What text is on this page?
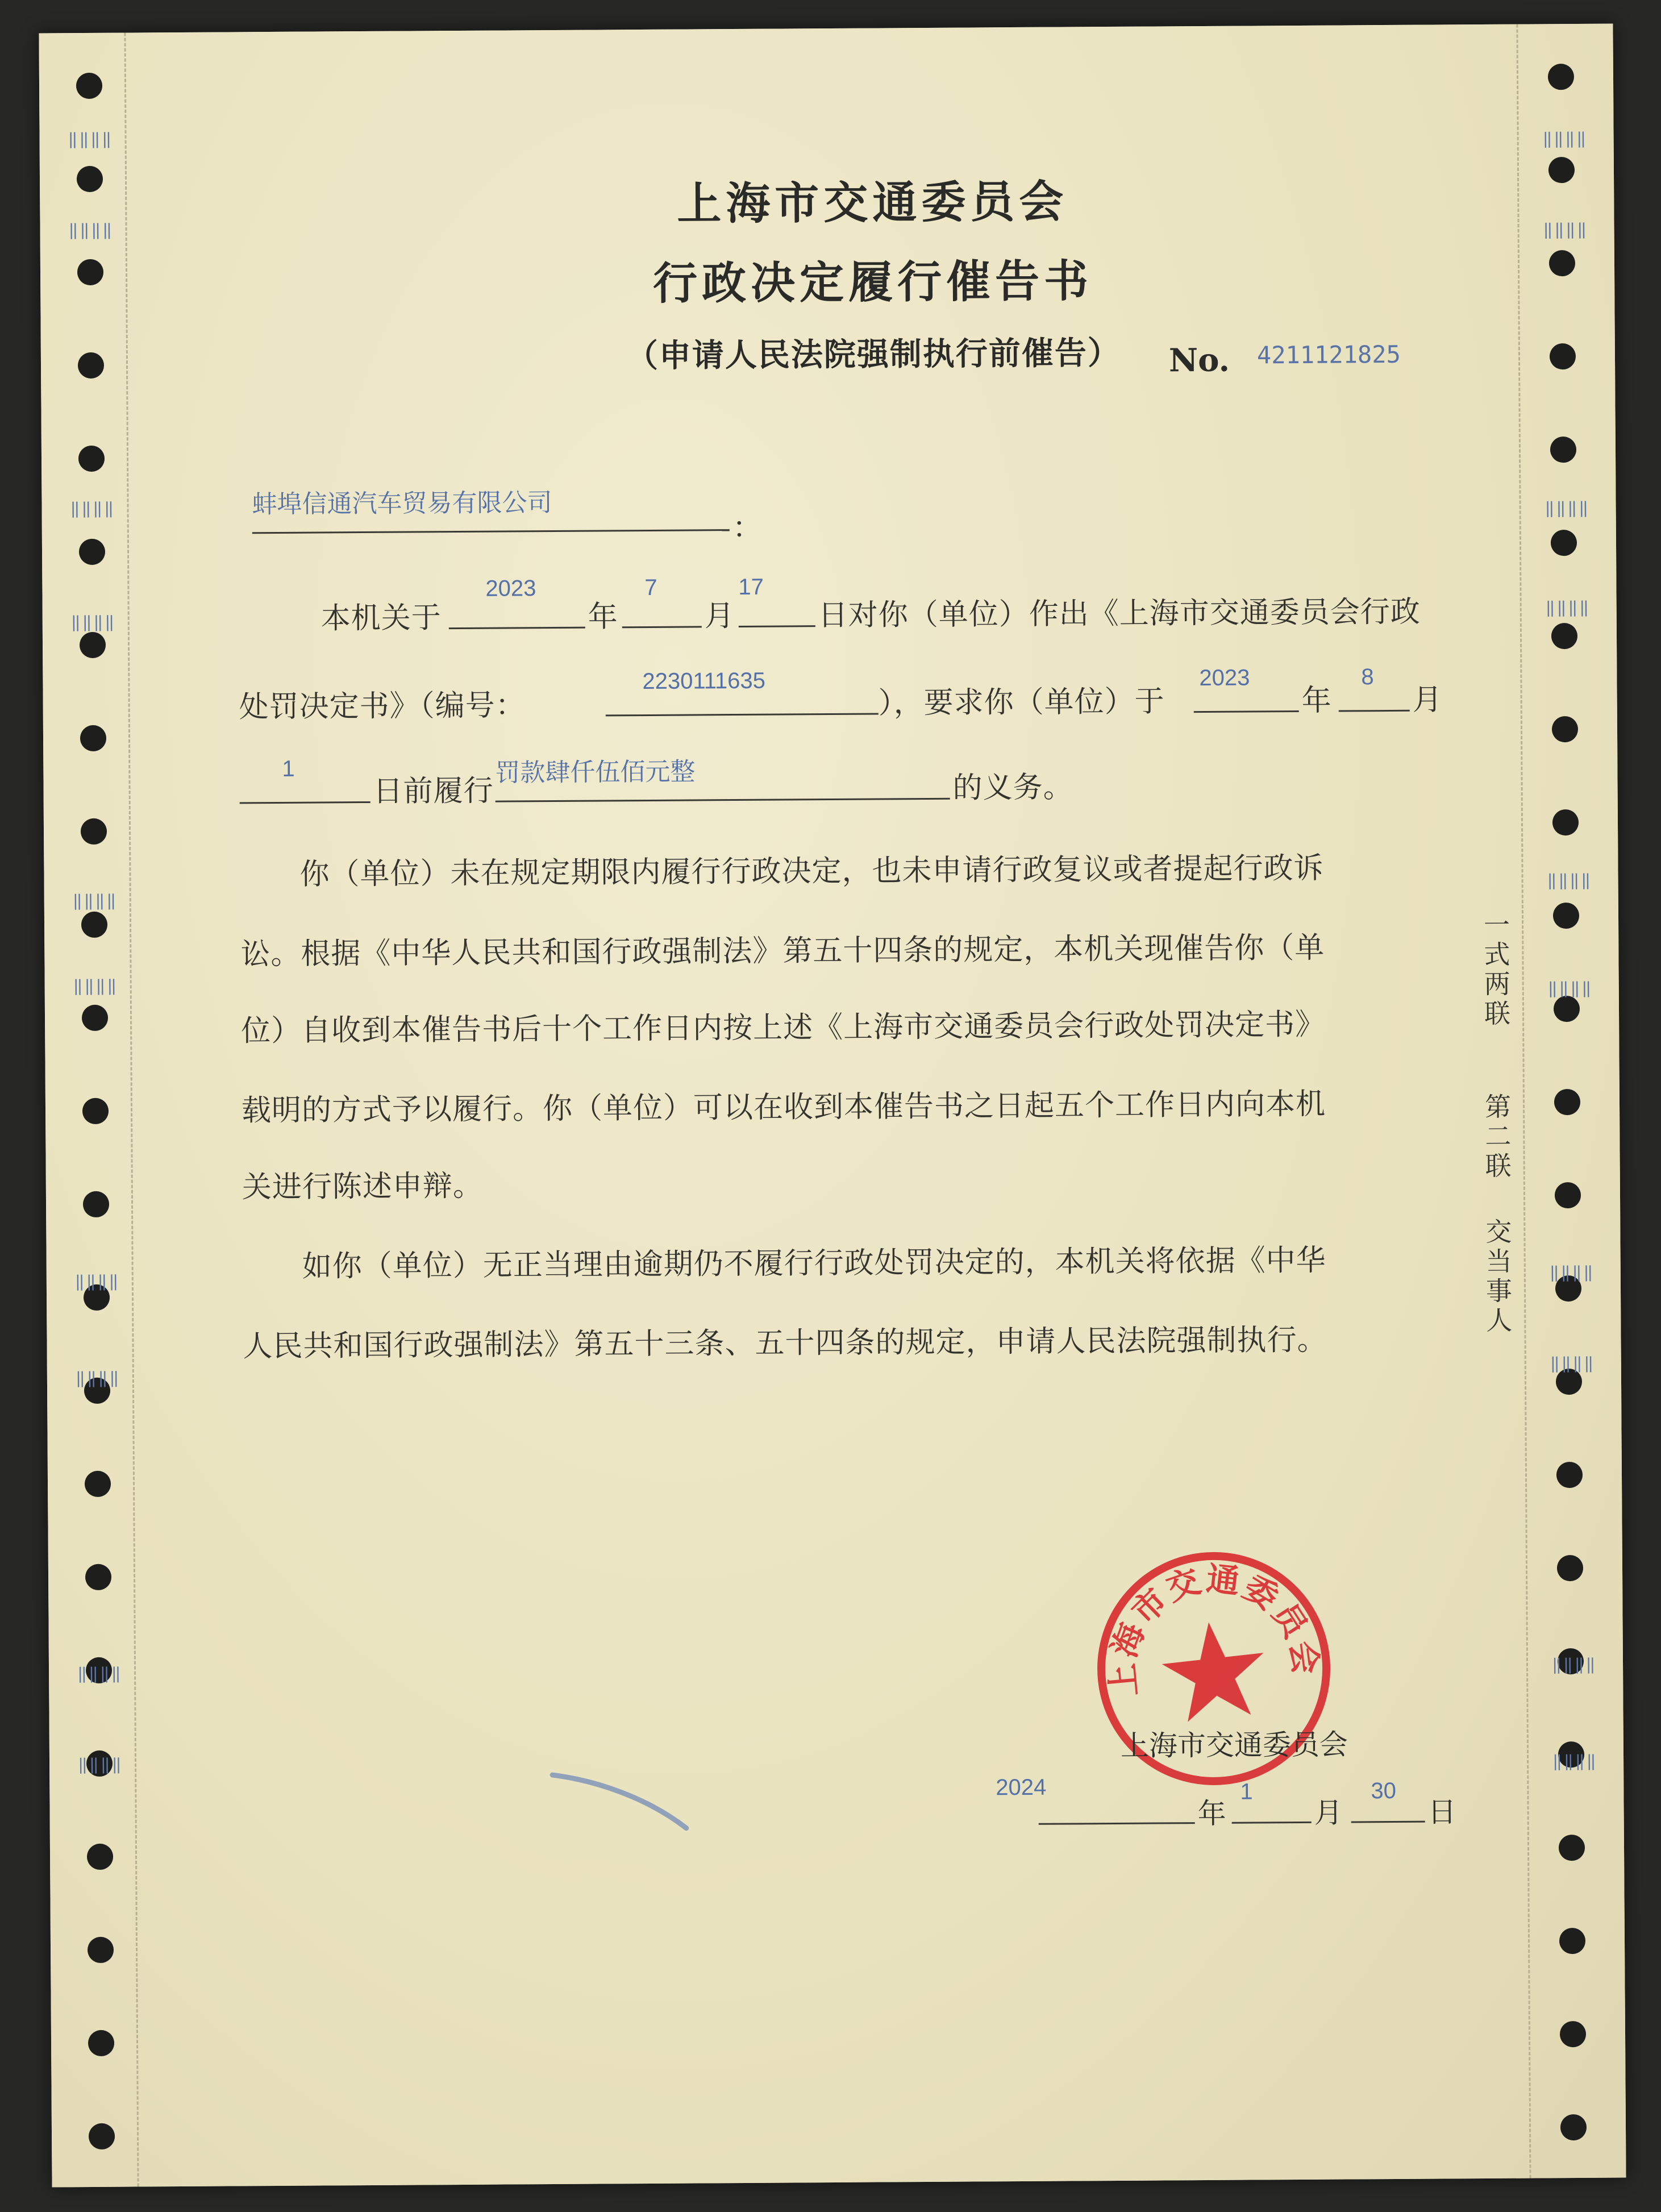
‖‖‖‖
‖‖‖‖
‖‖‖‖
‖‖‖‖
‖‖‖‖
‖‖‖‖
‖‖‖‖
‖‖‖‖
‖‖‖‖
‖‖‖‖
‖‖‖‖
‖‖‖‖
‖‖‖‖
‖‖‖‖
‖‖‖‖
‖‖‖‖
‖‖‖‖
‖‖‖‖
‖‖‖‖
‖‖‖‖
上海市交通委员会
行政决定履行催告书
（申请人民法院强制执行前催告）	No. 4211121825
蚌埠信通汽车贸易有限公司
：
本机关于
2023
年
7
月
17
日对你（单位）作出《上海市交通委员会行政
处罚决定书》（编号：
2230111635
），要求你（单位）于
2023
年
8
月
1
日前履行
罚款肆仟伍佰元整	的义务。
你（单位）未在规定期限内履行行政决定，也未申请行政复议或者提起行政诉
讼。根据《中华人民共和国行政强制法》第五十四条的规定，本机关现催告你（单
位）自收到本催告书后十个工作日内按上述《上海市交通委员会行政处罚决定书》
载明的方式予以履行。你（单位）可以在收到本催告书之日起五个工作日内向本机
关进行陈述申辩。
如你（单位）无正当理由逾期仍不履行行政处罚决定的，本机关将依据《中华
人民共和国行政强制法》第五十三条、五十四条的规定，申请人民法院强制执行。
一式两联
第二联
交当事人
上海市交通委员会
上海市交通委员会
2024
年
1
月
30
日
